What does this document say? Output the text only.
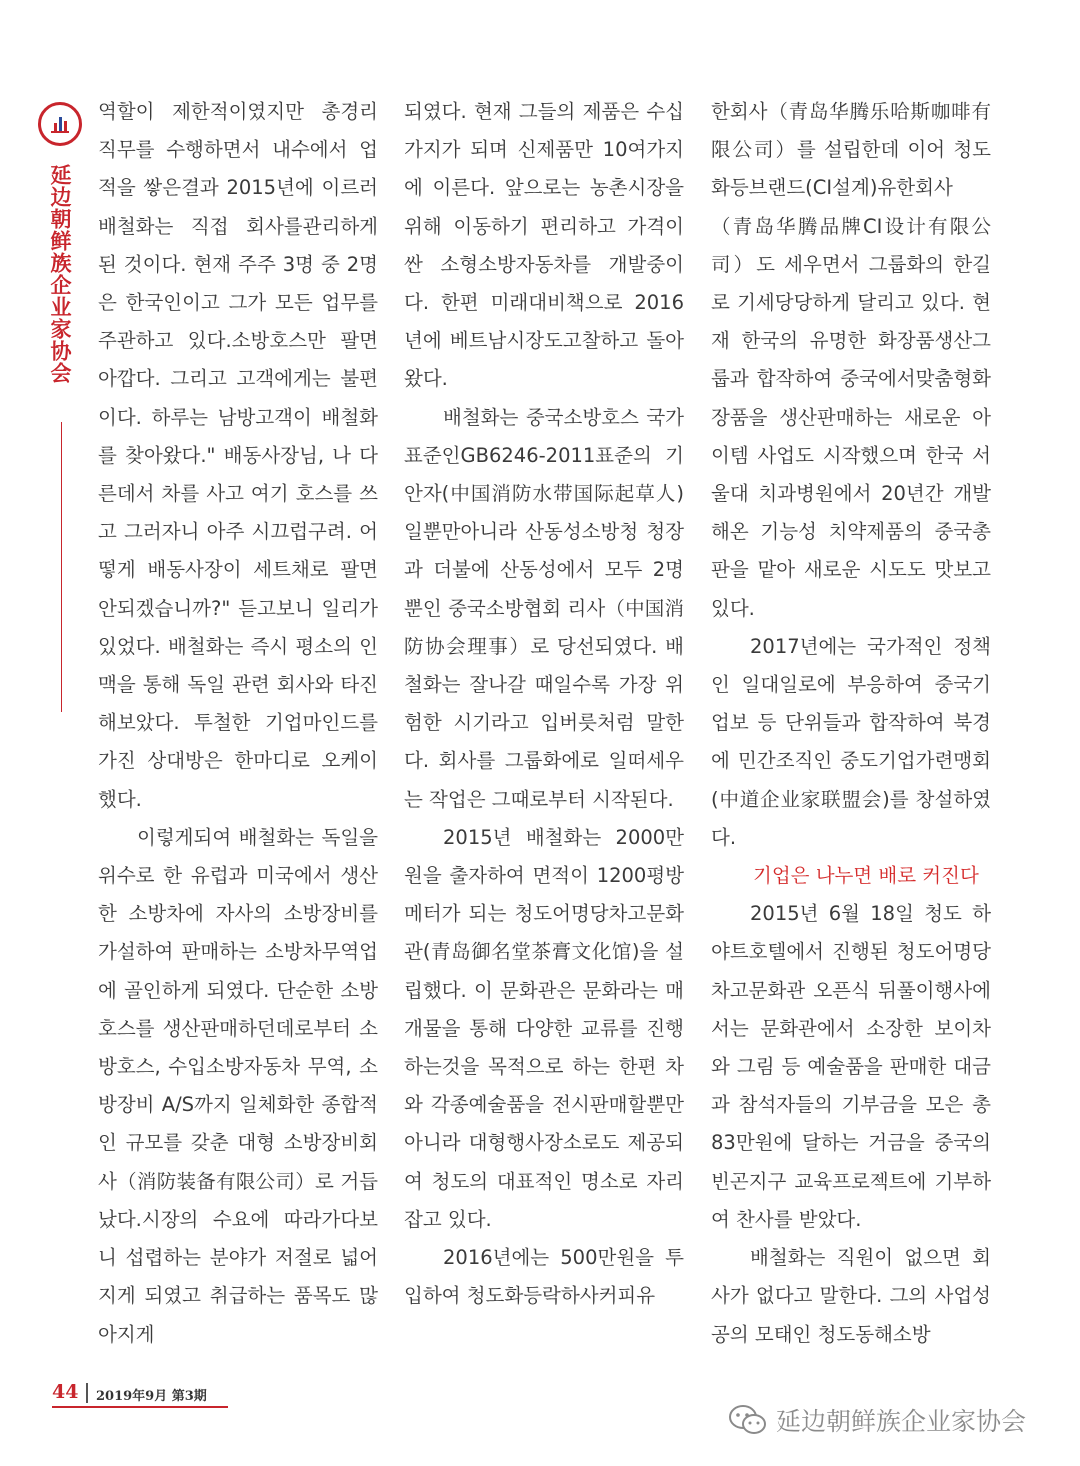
延边朝鲜族企业家协会

역할이 제한적이였지만 총경리 직무를 수행하면서 내수에서 업적을 쌓은결과 2015년에 이르러 배철화는 직접 회사를관리하게 된 것이다. 현재 주주 3명 중 2명은 한국인이고 그가 모든 업무를 주관하고 있다.소방호스만 팔면 아깝다. 그리고 고객에게는 불편이다. 하루는 남방고객이 배철화를 찾아왔다." 배동사장님, 나 다른데서 차를 사고 여기 호스를 쓰고 그러자니 아주 시끄럽구려. 어떻게 배동사장이 세트채로 팔면 안되겠습니까?" 듣고보니 일리가 있었다. 배철화는 즉시 평소의 인맥을 통해 독일 관련 회사와 타진해보았다. 투철한 기업마인드를 가진 상대방은 한마디로 오케이했다.

이렇게되여 배철화는 독일을 위수로 한 유럽과 미국에서 생산한 소방차에 자사의 소방장비를 가설하여 판매하는 소방차무역업에 골인하게 되였다. 단순한 소방호스를 생산판매하던데로부터 소방호스, 수입소방자동차 무역, 소방장비 A/S까지 일체화한 종합적인 규모를 갖춘 대형 소방장비회사（消防装备有限公司）로 거듭났다.시장의 수요에 따라가다보니 섭렵하는 분야가 저절로 넓어지게 되였고 취급하는 품목도 많아지게

되였다. 현재 그들의 제품은 수십가지가 되며 신제품만 10여가지에 이른다. 앞으로는 농촌시장을 위해 이동하기 편리하고 가격이 싼 소형소방자동차를 개발중이다. 한편 미래대비책으로 2016년에 베트남시장도고찰하고 돌아왔다.

배철화는 중국소방호스 국가표준인GB6246-2011표준의 기안자(中国消防水带国际起草人)일뿐만아니라 산동성소방청 청장과 더불에 산동성에서 모두 2명뿐인 중국소방협회 리사（中国消防协会理事）로 당선되였다. 배철화는 잘나갈 때일수록 가장 위험한 시기라고 입버릇처럼 말한다. 회사를 그룹화에로 일떠세우는 작업은 그때로부터 시작된다.

2015년 배철화는 2000만원을 출자하여 면적이 1200평방메터가 되는 청도어명당차고문화관(青岛御名堂茶膏文化馆)을 설립했다. 이 문화관은 문화라는 매개물을 통해 다양한 교류를 진행하는것을 목적으로 하는 한편 차와 각종예술품을 전시판매할뿐만아니라 대형행사장소로도 제공되여 청도의 대표적인 명소로 자리잡고 있다.

2016년에는 500만원을 투입하여 청도화등락하사커피유

한회사（青岛华腾乐哈斯咖啡有限公司）를 설립한데 이어 청도화등브랜드(CI설계)유한회사（青岛华腾品牌CI设计有限公司）도 세우면서 그룹화의 한길로 기세당당하게 달리고 있다. 현재 한국의 유명한 화장품생산그룹과 합작하여 중국에서맞춤형화장품을 생산판매하는 새로운 아이템 사업도 시작했으며 한국 서울대 치과병원에서 20년간 개발해온 기능성 치약제품의 중국총판을 맡아 새로운 시도도 맛보고 있다.

2017년에는 국가적인 정책인 일대일로에 부응하여 중국기업보 등 단위들과 합작하여 북경에 민간조직인 중도기업가련맹회(中道企业家联盟会)를 창설하였다.

기업은 나누면 배로 커진다

2015년 6월 18일 청도 하야트호텔에서 진행된 청도어명당차고문화관 오픈식 뒤풀이행사에서는 문화관에서 소장한 보이차와 그림 등 예술품을 판매한 대금과 참석자들의 기부금을 모은 총 83만원에 달하는 거금을 중국의 빈곤지구 교육프로젝트에 기부하여 찬사를 받았다.

배철화는 직원이 없으면 회사가 없다고 말한다. 그의 사업성공의 모태인 청도동해소방

44 2019年9月 第3期
延边朝鲜族企业家协会
